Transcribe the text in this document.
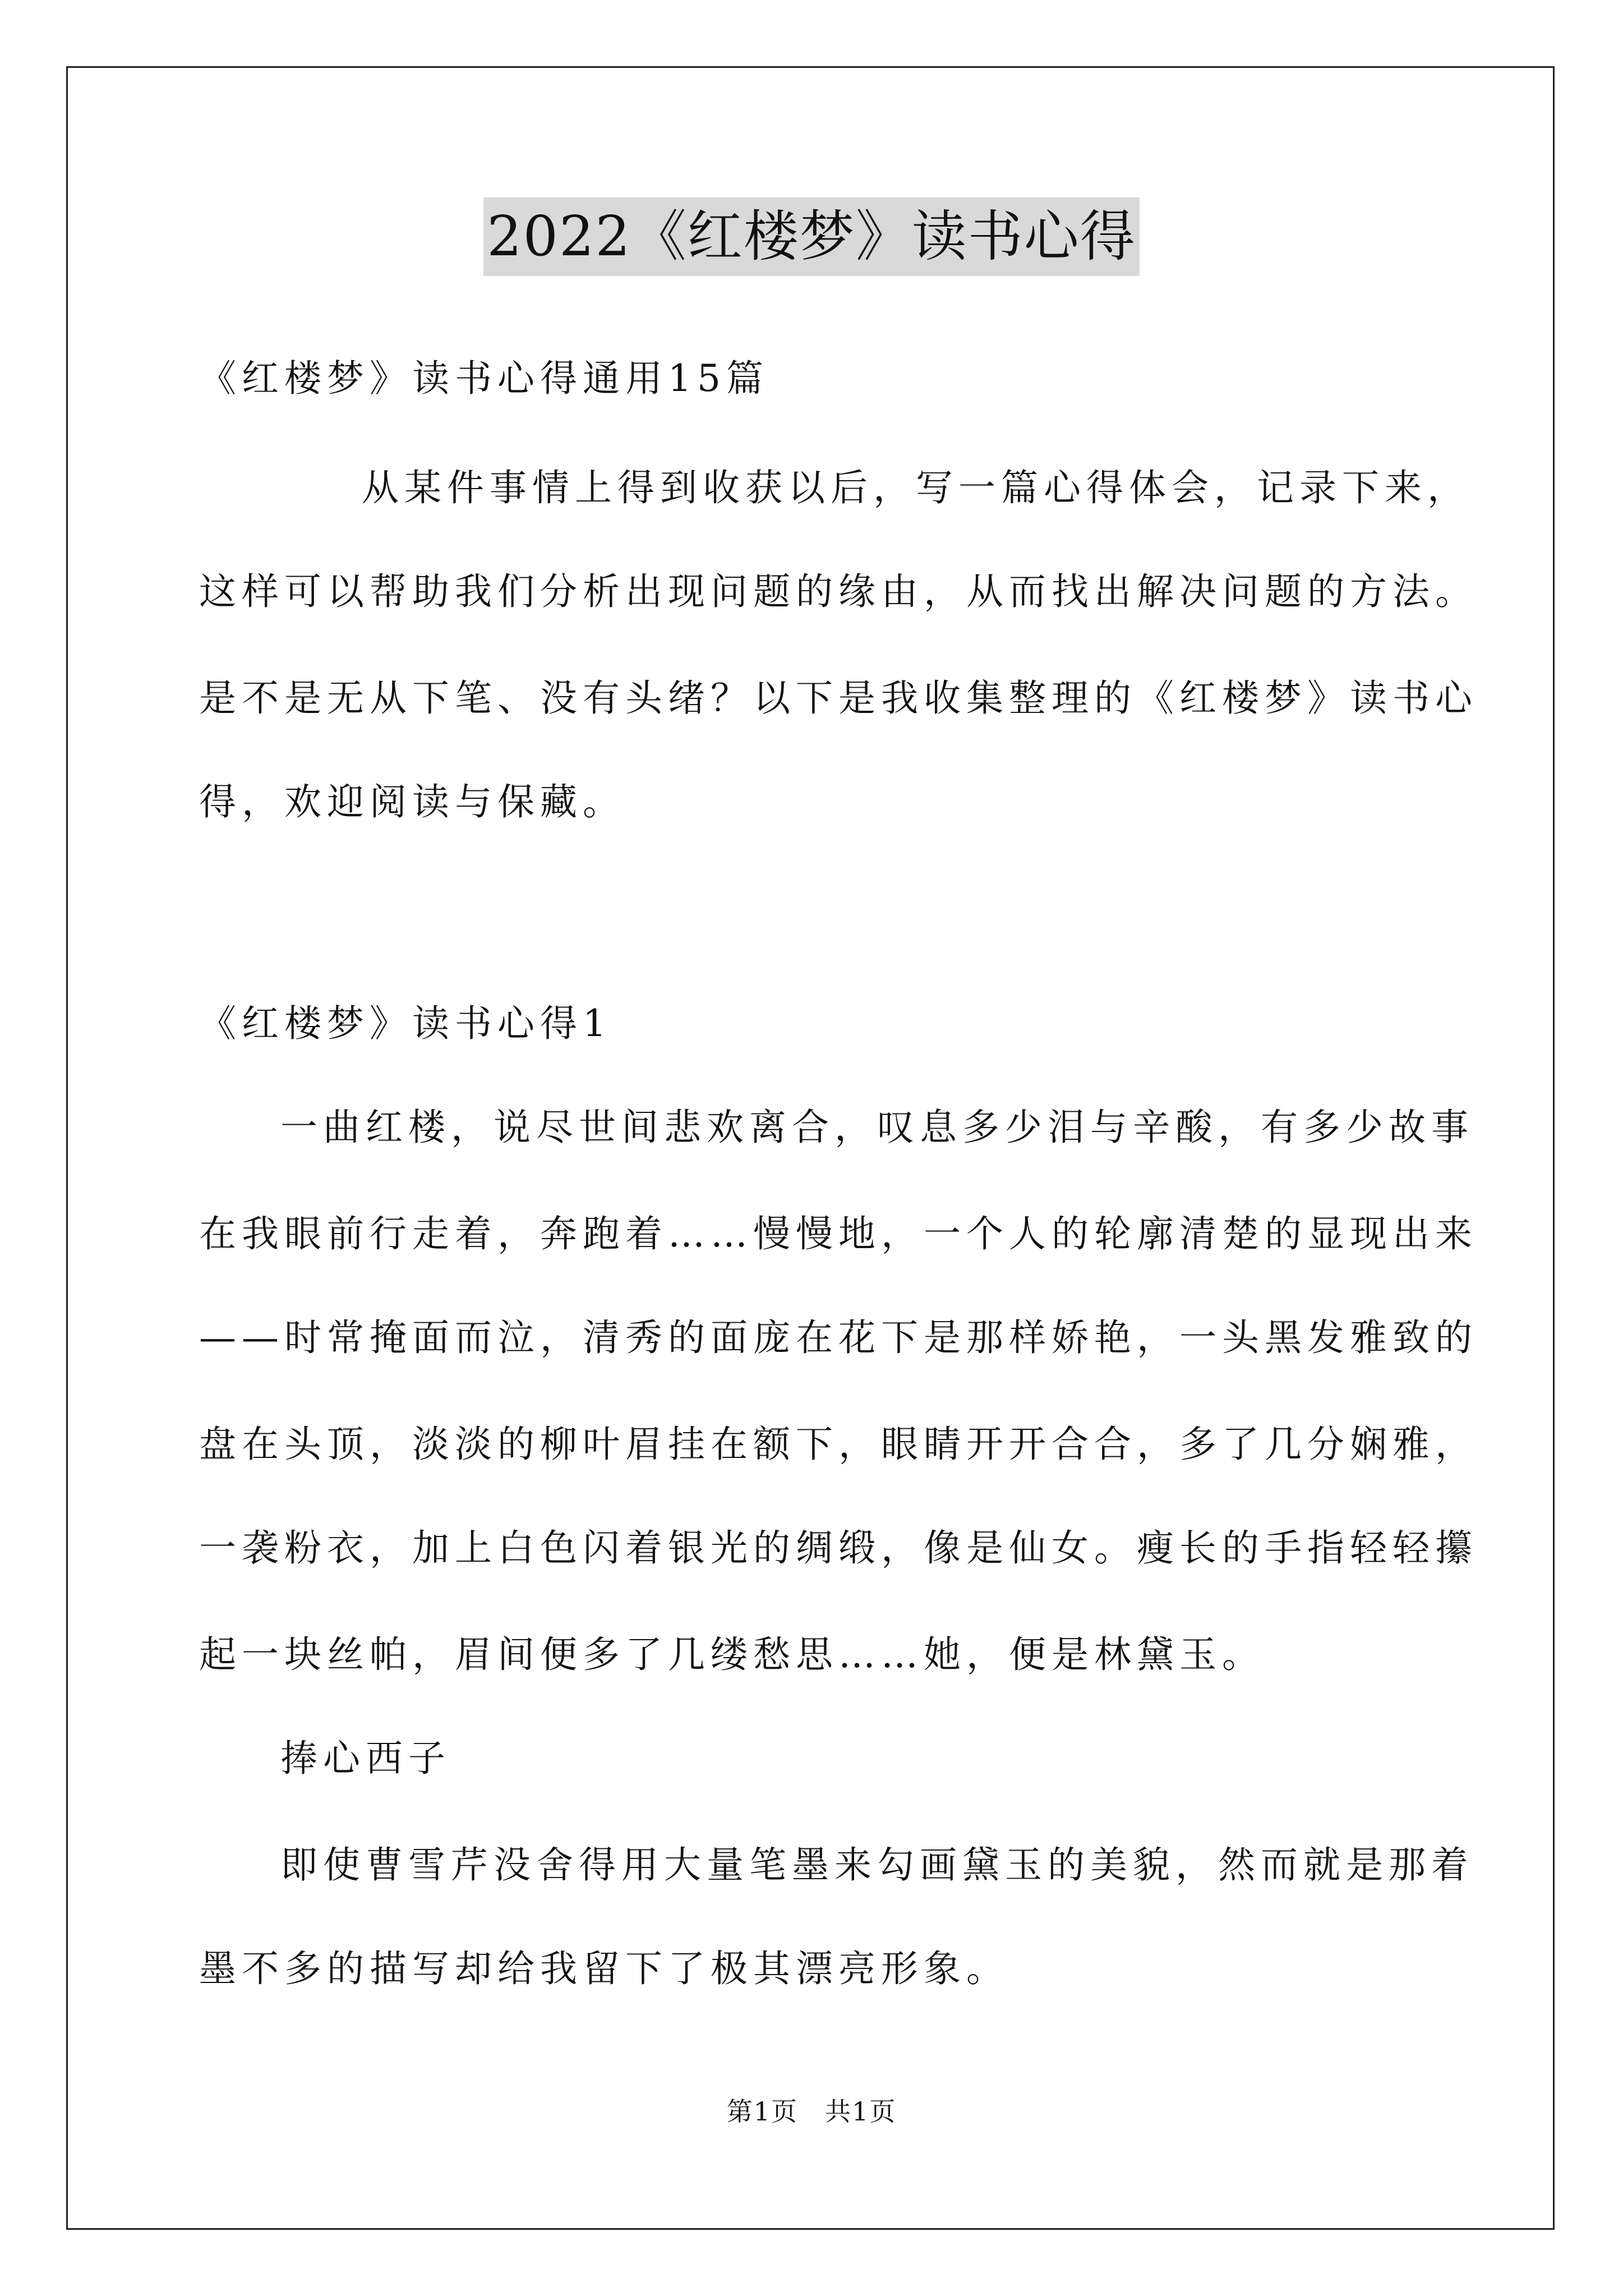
2022《红楼梦》读书心得
《红楼梦》读书心得通用15篇
从某件事情上得到收获以后，写一篇心得体会，记录下来，
这样可以帮助我们分析出现问题的缘由，从而找出解决问题的方法。
是不是无从下笔、没有头绪？以下是我收集整理的《红楼梦》读书心
得，欢迎阅读与保藏。
《红楼梦》读书心得1
一曲红楼，说尽世间悲欢离合，叹息多少泪与辛酸，有多少故事
在我眼前行走着，奔跑着……慢慢地，一个人的轮廓清楚的显现出来
——时常掩面而泣，清秀的面庞在花下是那样娇艳，一头黑发雅致的
盘在头顶，淡淡的柳叶眉挂在额下，眼睛开开合合，多了几分娴雅，
一袭粉衣，加上白色闪着银光的绸缎，像是仙女。瘦长的手指轻轻攥
起一块丝帕，眉间便多了几缕愁思……她，便是林黛玉。
捧心西子
即使曹雪芹没舍得用大量笔墨来勾画黛玉的美貌，然而就是那着
墨不多的描写却给我留下了极其漂亮形象。
第1页　共1页
